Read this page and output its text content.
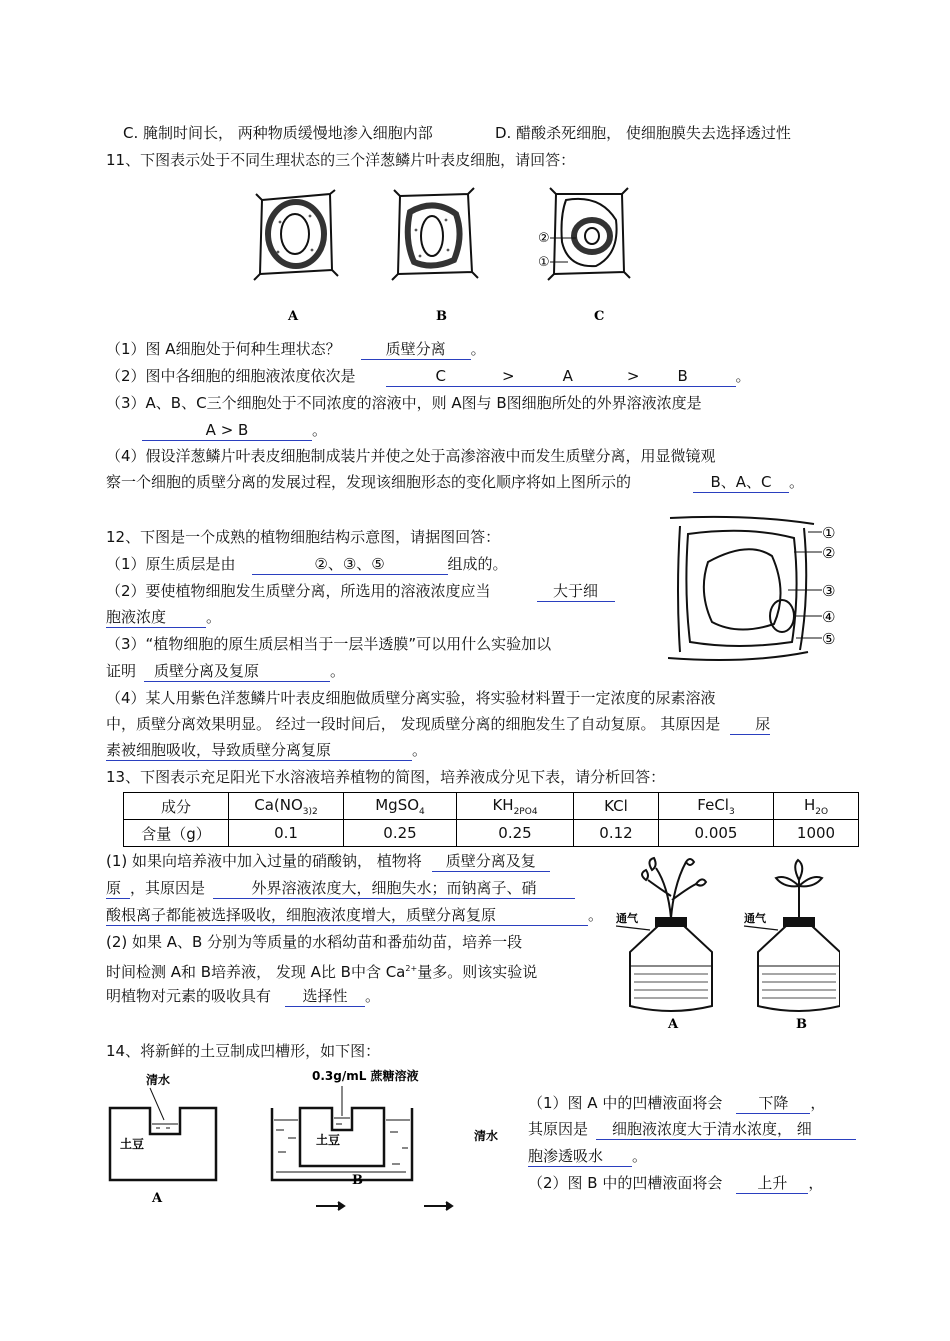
C. 腌制时间长， 两种物质缓慢地渗入细胞内部	D. 醋酸杀死细胞， 使细胞膜失去选择透过性
11、下图表示处于不同生理状态的三个洋葱鳞片叶表皮细胞，请回答：
②
①
A	B	C
（1）图 A细胞处于何种生理状态？	质壁分离 。
（2）图中各细胞的细胞液浓度依次是	C	>	A	>	B	。
（3）A、B、C三个细胞处于不同浓度的溶液中，则 A图与 B图细胞所处的外界溶液浓度是
A > B	。
（4）假设洋葱鳞片叶表皮细胞制成装片并使之处于高渗溶液中而发生质壁分离，用显微镜观
察一个细胞的质壁分离的发展过程，发现该细胞形态的变化顺序将如上图所示的	B、A、C 。
12、下图是一个成熟的植物细胞结构示意图，请据图回答：	①
②
③
④
⑤
（1）原生质层是由	②、③、⑤	组成的。
（2）要使植物细胞发生质壁分离，所选用的溶液浓度应当	大于细
胞液浓度	。
（3）“植物细胞的原生质层相当于一层半透膜”可以用什么实验加以
证明 质壁分离及复原	。
（4）某人用紫色洋葱鳞片叶表皮细胞做质壁分离实验，将实验材料置于一定浓度的尿素溶液
中，质壁分离效果明显。 经过一段时间后， 发现质壁分离的细胞发生了自动复原。 其原因是 尿
素被细胞吸收，导致质壁分离复原	。
13、下图表示充足阳光下水溶液培养植物的简图，培养液成分见下表，请分析回答：
成分	$Ca(NO_{3)2}$	MgSO$_4$	$KH_{2PO4}$	KCl	FeCl$_3$	$H_{2O}$
含量（g）	0.1	0.25	0.25	0.12	0.005	1000
(1) 如果向培养液中加入过量的硝酸钠， 植物将 质壁分离及复
原 ，其原因是	外界溶液浓度大，细胞失水；而钠离子、硝
酸根离子都能被选择吸收，细胞液浓度增大，质壁分离复原	。
(2) 如果 A、B 分别为等质量的水稻幼苗和番茄幼苗，培养一段
时间检测 A和 B培养液， 发现 A比 B中含 $Ca^{2+}$量多。则该实验说
明植物对元素的吸收具有 选择性 。
通气	通气
A	B
14、将新鲜的土豆制成凹槽形，如下图：
清水
土豆
A
0.3g/mL 蔗糖溶液
土豆	清水
B
（1）图 A 中的凹槽液面将会 下降 ，
其原因是 细胞液浓度大于清水浓度， 细
胞渗透吸水 。
（2）图 B 中的凹槽液面将会 上升 ，
